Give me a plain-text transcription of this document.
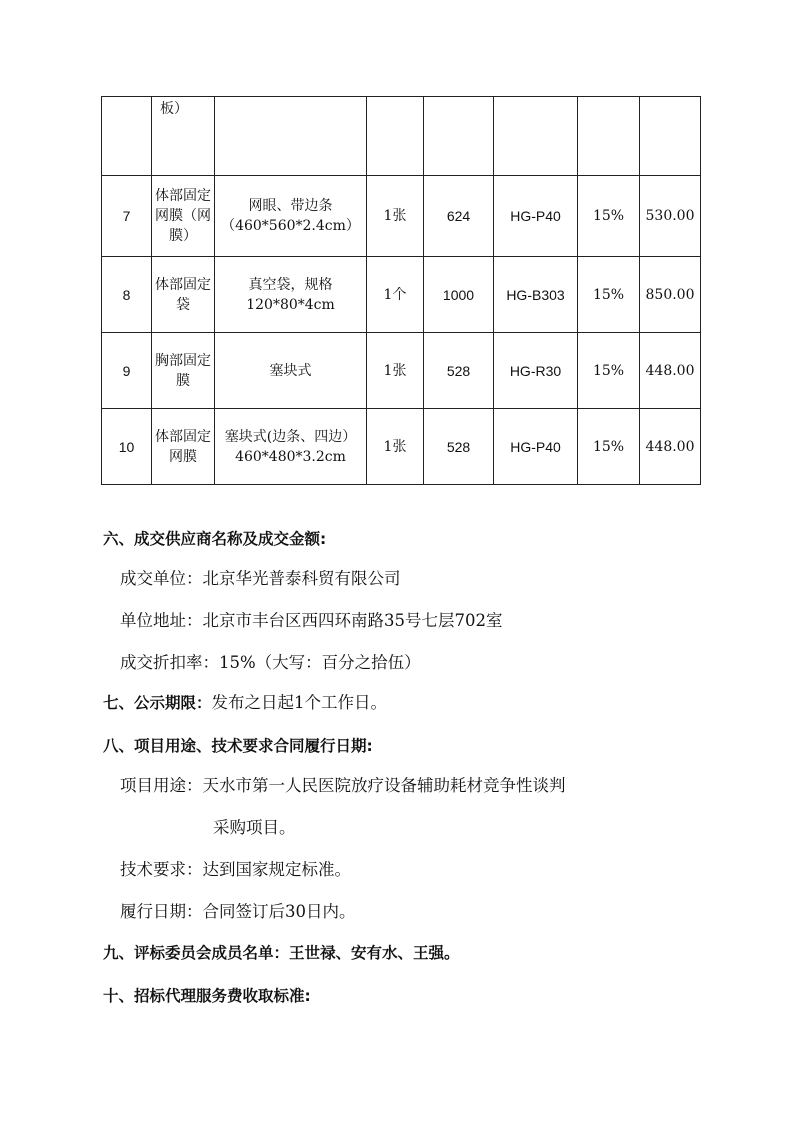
	板）						
7	体部固定网膜（网膜）	网眼、带边条（460*560*2.4cm）	1张	624	HG-P40	15%	530.00
8	体部固定袋	真空袋，规格120*80*4cm	1个	1000	HG-B303	15%	850.00
9	胸部固定膜	塞块式	1张	528	HG-R30	15%	448.00
10	体部固定网膜	塞块式(边条、四边）460*480*3.2cm	1张	528	HG-P40	15%	448.00
六、成交供应商名称及成交金额:
成交单位：北京华光普泰科贸有限公司
单位地址：北京市丰台区西四环南路35号七层702室
成交折扣率：15%（大写：百分之拾伍）
七、公示期限：发布之日起1个工作日。
八、项目用途、技术要求合同履行日期:
项目用途：天水市第一人民医院放疗设备辅助耗材竞争性谈判
采购项目。
技术要求：达到国家规定标准。
履行日期：合同签订后30日内。
九、评标委员会成员名单：王世禄、安有水、王强。
十、招标代理服务费收取标准:
